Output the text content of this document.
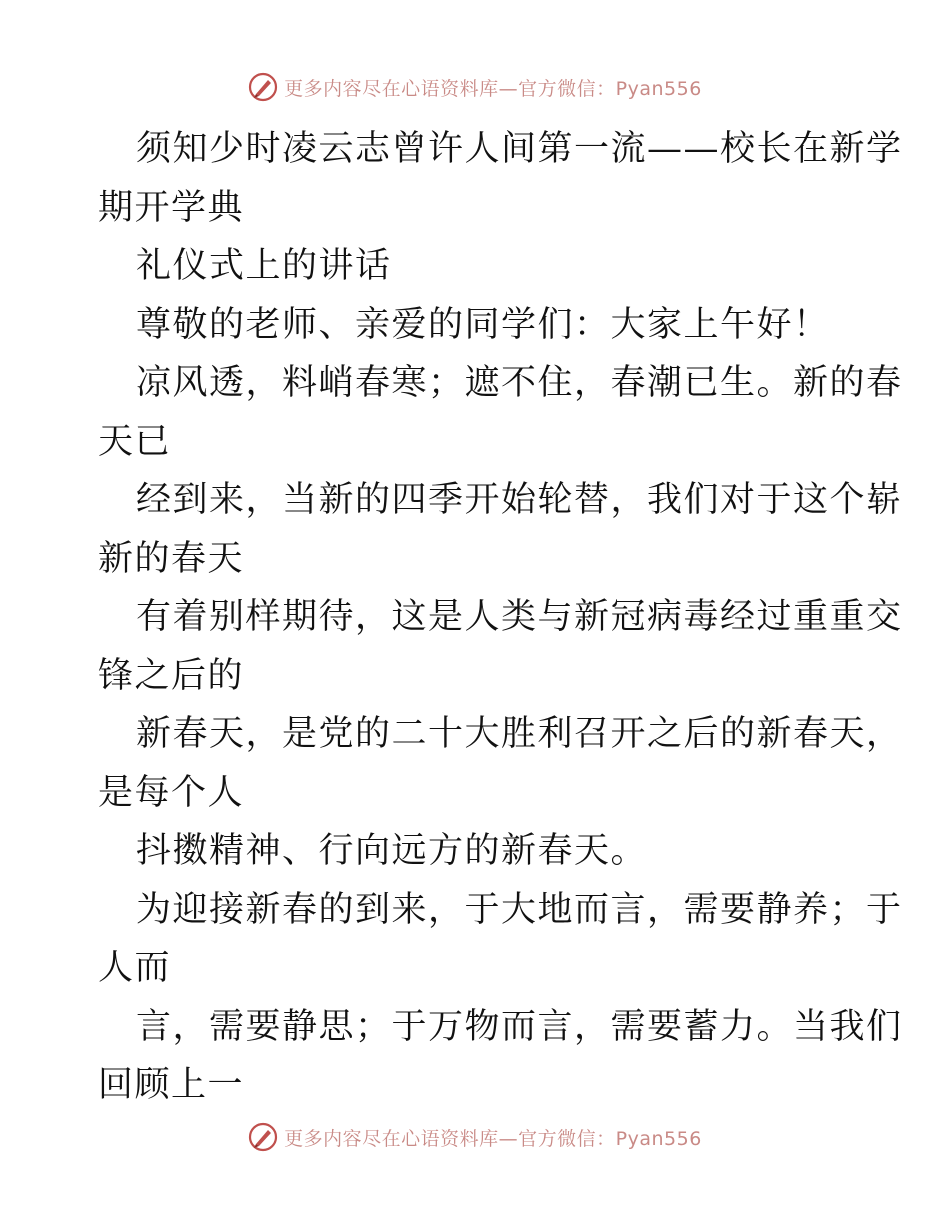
更多内容尽在心语资料库—官方微信：Pyan556
须知少时凌云志曾许人间第一流——校长在新学
期开学典
礼仪式上的讲话
尊敬的老师、亲爱的同学们：大家上午好！
凉风透，料峭春寒；遮不住，春潮已生。新的春
天已
经到来，当新的四季开始轮替，我们对于这个崭
新的春天
有着别样期待，这是人类与新冠病毒经过重重交
锋之后的
新春天，是党的二十大胜利召开之后的新春天，
是每个人
抖擞精神、行向远方的新春天。
为迎接新春的到来，于大地而言，需要静养；于
人而
言，需要静思；于万物而言，需要蓄力。当我们
回顾上一
更多内容尽在心语资料库—官方微信：Pyan556
